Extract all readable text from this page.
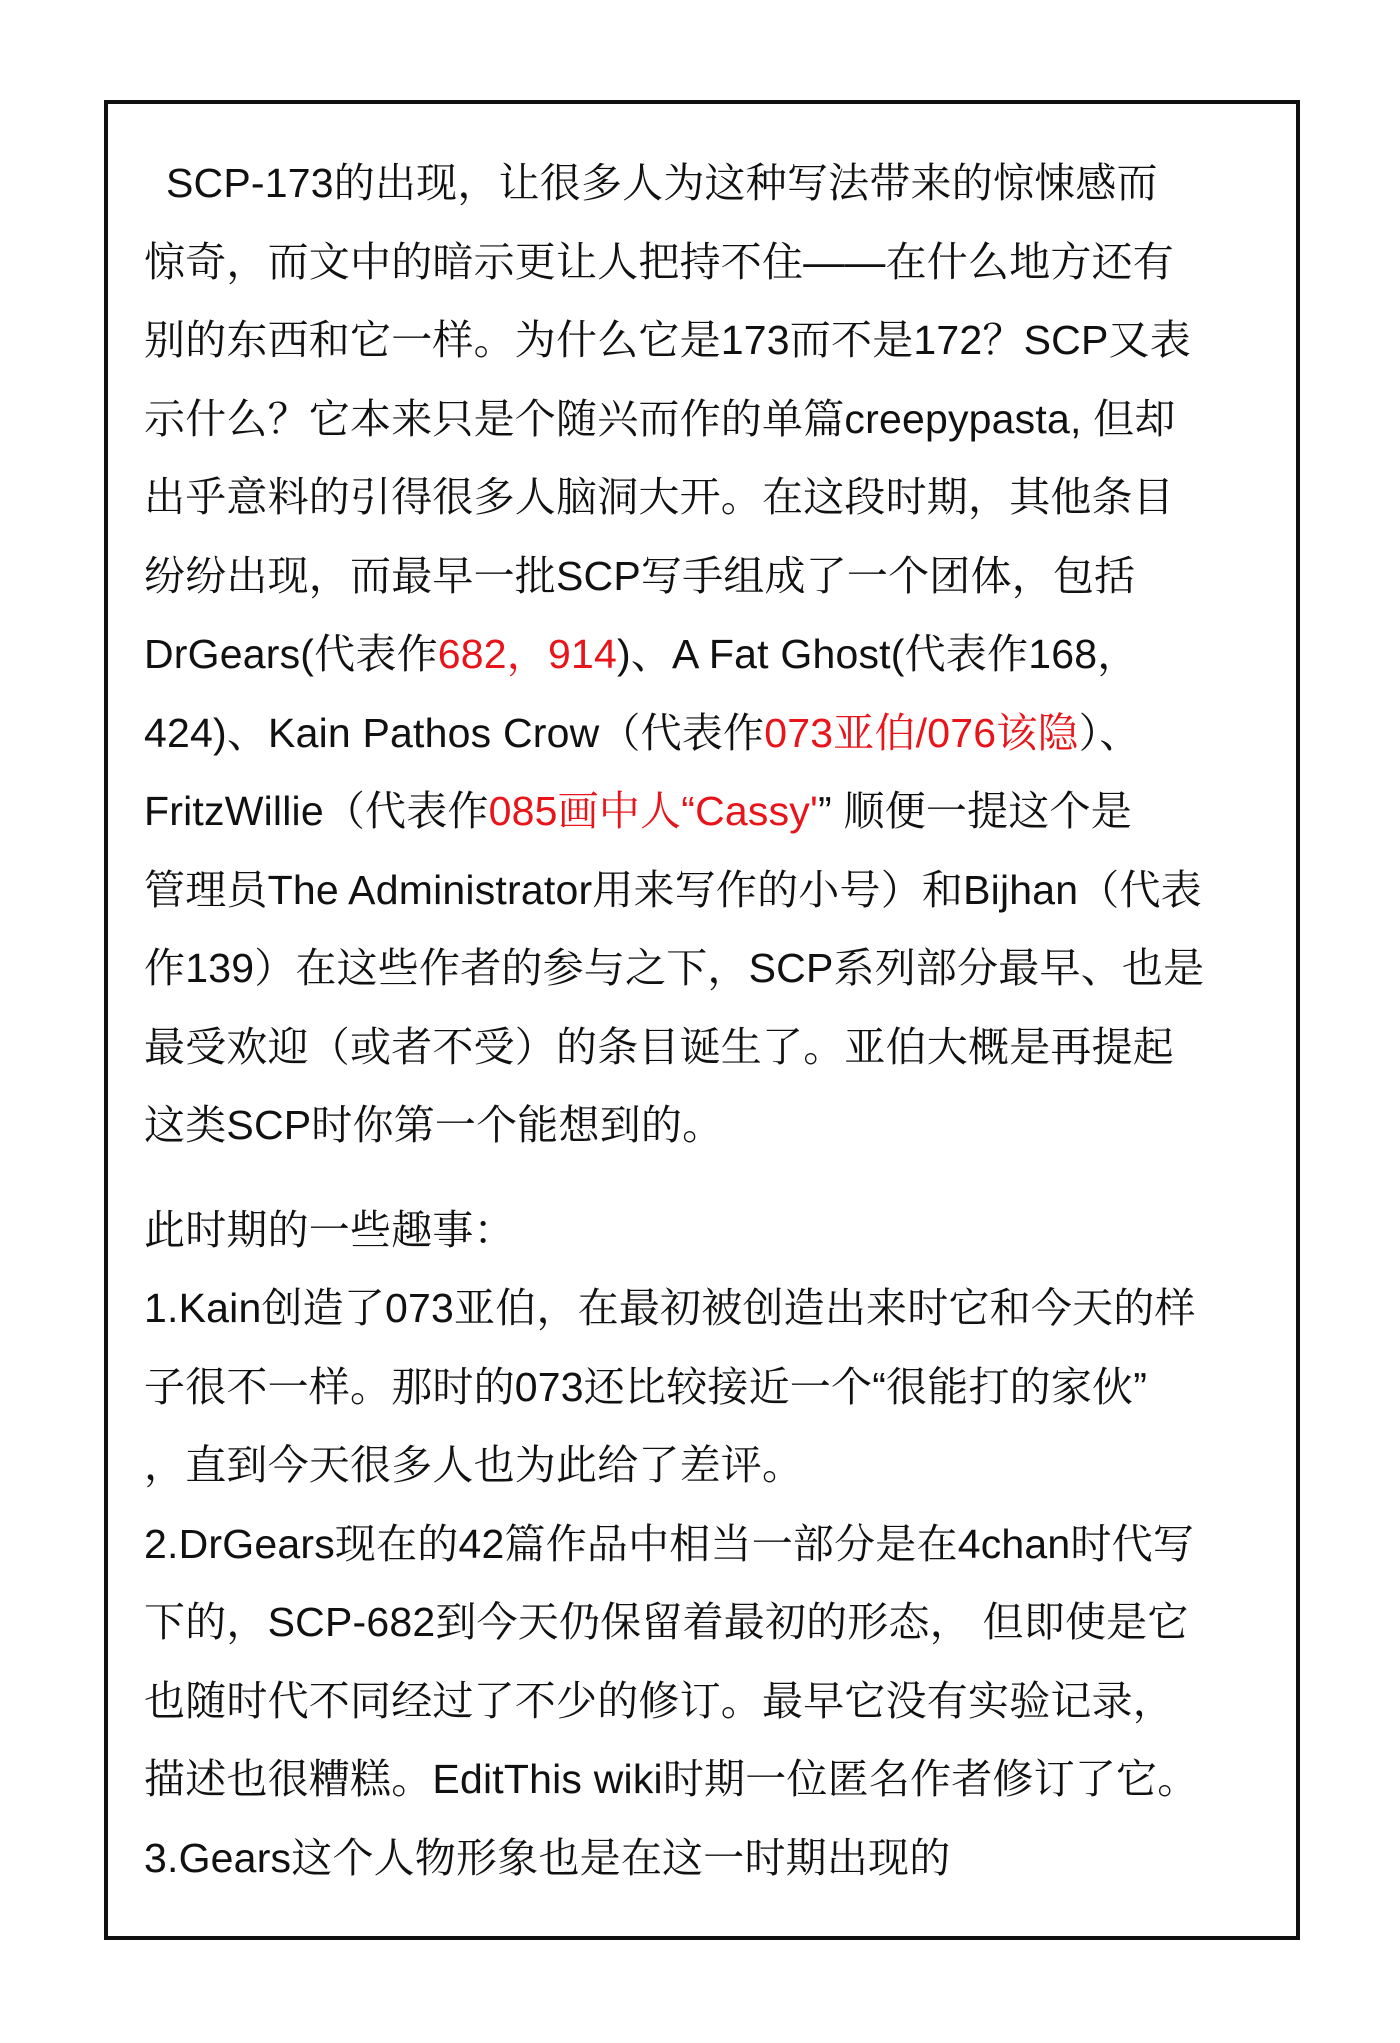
SCP-173的出现，让很多人为这种写法带来的惊悚感而
惊奇，而文中的暗示更让人把持不住——在什么地方还有
别的东西和它一样。为什么它是173而不是172？SCP又表
示什么？它本来只是个随兴而作的单篇creepypasta, 但却
出乎意料的引得很多人脑洞大开。在这段时期，其他条目
纷纷出现，而最早一批SCP写手组成了一个团体，包括
DrGears(代表作682，914)、A Fat Ghost(代表作168，
424)、Kain Pathos Crow（代表作073亚伯/076该隐）、
FritzWillie（代表作085画中人“Cassy'” 顺便一提这个是
管理员The Administrator用来写作的小号）和Bijhan（代表
作139）在这些作者的参与之下，SCP系列部分最早、也是
最受欢迎（或者不受）的条目诞生了。亚伯大概是再提起
这类SCP时你第一个能想到的。
此时期的一些趣事：
1.Kain创造了073亚伯，在最初被创造出来时它和今天的样
子很不一样。那时的073还比较接近一个“很能打的家伙”
，直到今天很多人也为此给了差评。
2.DrGears现在的42篇作品中相当一部分是在4chan时代写
下的，SCP-682到今天仍保留着最初的形态， 但即使是它
也随时代不同经过了不少的修订。最早它没有实验记录，
描述也很糟糕。EditThis wiki时期一位匿名作者修订了它。
3.Gears这个人物形象也是在这一时期出现的
